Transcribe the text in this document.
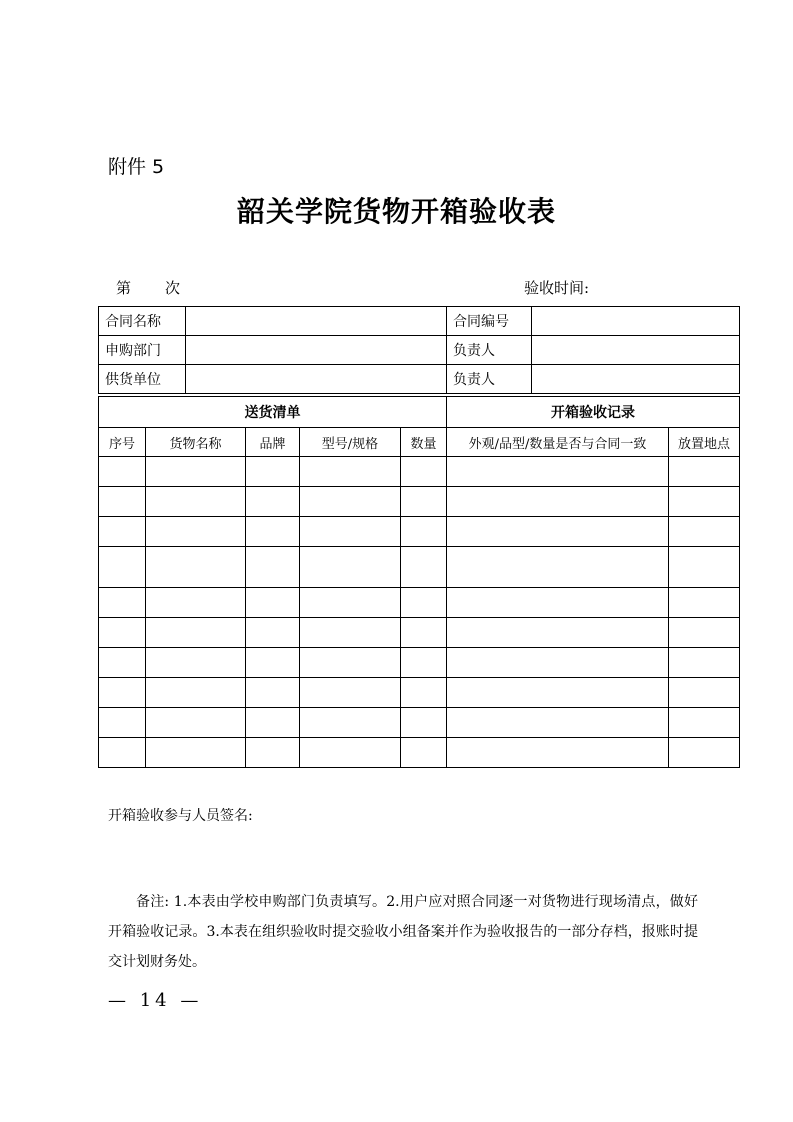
附件 5
韶关学院货物开箱验收表
第 次	验收时间:
合同名称		合同编号	
申购部门		负责人	
供货单位		负责人	
送货清单					开箱验收记录	
序号	货物名称	品牌	型号/规格	数量	外观/品型/数量是否与合同一致	放置地点

开箱验收参与人员签名:
备注: 1.本表由学校申购部门负责填写。2.用户应对照合同逐一对货物进行现场清点，做好开箱验收记录。3.本表在组织验收时提交验收小组备案并作为验收报告的一部分存档，报账时提交计划财务处。
— 14 —
